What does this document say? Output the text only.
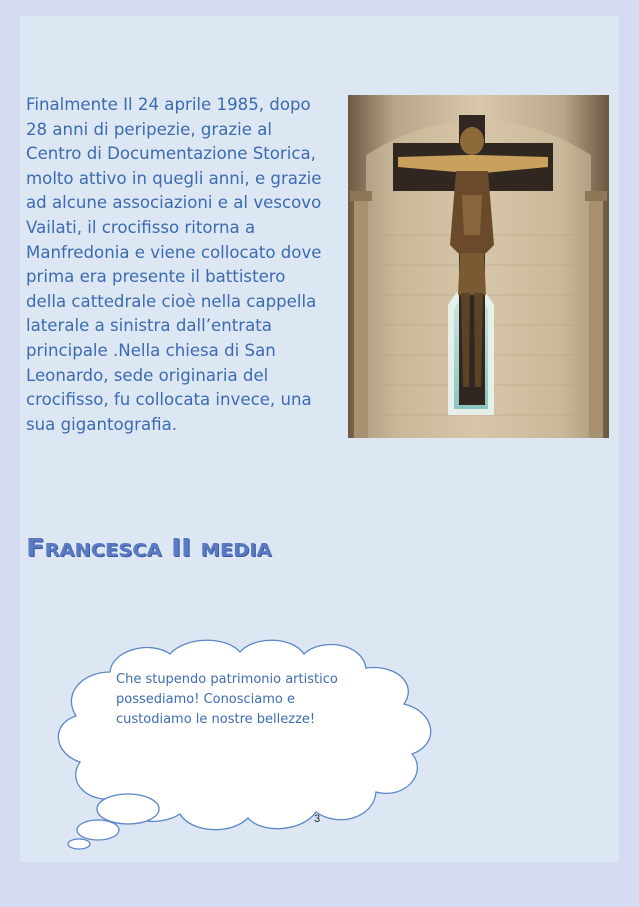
Finalmente Il 24 aprile 1985, dopo 28 anni di peripezie, grazie al Centro di Documentazione Storica, molto attivo in quegli anni, e grazie ad alcune associazioni e al vescovo Vailati, il crocifisso ritorna a Manfredonia e viene collocato dove prima era presente il battistero della cattedrale cioè nella cappella laterale a sinistra dall’entrata principale .Nella chiesa di San Leonardo, sede originaria del crocifisso, fu collocata invece, una sua gigantografia.

Francesca II media

Che stupendo patrimonio artistico possediamo! Conosciamo e custodiamo le nostre bellezze!

3
